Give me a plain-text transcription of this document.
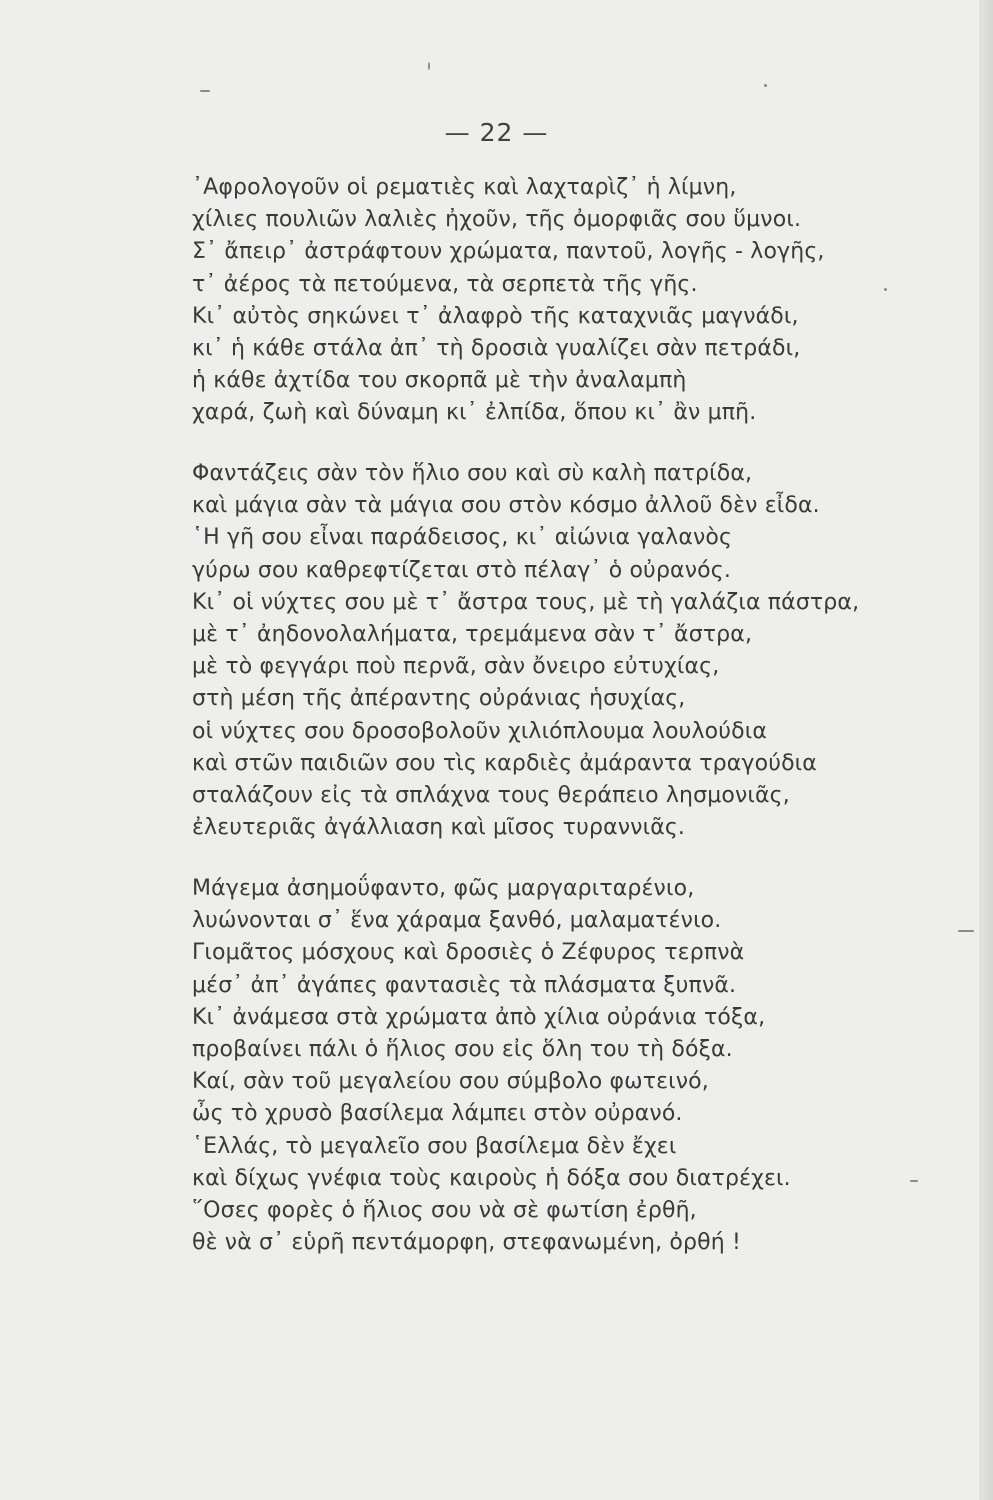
— 22 —
᾿Αφρολογοῦν οἱ ρεματιὲς καὶ λαχταρὶζ᾿ ἡ λίμνη,
χίλιες πουλιῶν λαλιὲς ἠχοῦν, τῆς ὀμορφιᾶς σου ὕμνοι.
Σ᾿ ἄπειρ᾿ ἀστράφτουν χρώματα, παντοῦ, λογῆς - λογῆς,
τ᾿ ἀέρος τὰ πετούμενα, τὰ σερπετὰ τῆς γῆς.
Κι᾿ αὐτὸς σηκώνει τ᾿ ἀλαφρὸ τῆς καταχνιᾶς μαγνάδι,
κι᾿ ἡ κάθε στάλα ἀπ᾿ τὴ δροσιὰ γυαλίζει σὰν πετράδι,
ἡ κάθε ἀχτίδα του σκορπᾶ μὲ τὴν ἀναλαμπὴ
χαρά, ζωὴ καὶ δύναμη κι᾿ ἐλπίδα, ὅπου κι᾿ ἂν μπῆ.
Φαντάζεις σὰν τὸν ἥλιο σου καὶ σὺ καλὴ πατρίδα,
καὶ μάγια σὰν τὰ μάγια σου στὸν κόσμο ἀλλοῦ δὲν εἶδα.
῾Η γῆ σου εἶναι παράδεισος, κι᾿ αἰώνια γαλανὸς
γύρω σου καθρεφτίζεται στὸ πέλαγ᾿ ὁ οὐρανός.
Κι᾿ οἱ νύχτες σου μὲ τ᾿ ἄστρα τους, μὲ τὴ γαλάζια πάστρα,
μὲ τ᾿ ἀηδονολαλήματα, τρεμάμενα σὰν τ᾿ ἄστρα,
μὲ τὸ φεγγάρι ποὺ περνᾶ, σὰν ὄνειρο εὐτυχίας,
στὴ μέση τῆς ἀπέραντης οὐράνιας ἡσυχίας,
οἱ νύχτες σου δροσοβολοῦν χιλιόπλουμα λουλούδια
καὶ στῶν παιδιῶν σου τὶς καρδιὲς ἀμάραντα τραγούδια
σταλάζουν εἰς τὰ σπλάχνα τους θεράπειο λησμονιᾶς,
ἐλευτεριᾶς ἀγάλλιαση καὶ μῖσος τυραννιᾶς.
Μάγεμα ἀσημοΰφαντο, φῶς μαργαριταρένιο,
λυώνονται σ᾿ ἕνα χάραμα ξανθό, μαλαματένιο.
Γιομᾶτος μόσχους καὶ δροσιὲς ὁ Ζέφυρος τερπνὰ
μέσ᾿ ἀπ᾿ ἀγάπες φαντασιὲς τὰ πλάσματα ξυπνᾶ.
Κι᾿ ἀνάμεσα στὰ χρώματα ἀπὸ χίλια οὐράνια τόξα,
προβαίνει πάλι ὁ ἥλιος σου εἰς ὅλη του τὴ δόξα.
Καί, σὰν τοῦ μεγαλείου σου σύμβολο φωτεινό,
ὦς τὸ χρυσὸ βασίλεμα λάμπει στὸν οὐρανό.
῾Ελλάς, τὸ μεγαλεῖο σου βασίλεμα δὲν ἔχει
καὶ δίχως γνέφια τοὺς καιροὺς ἡ δόξα σου διατρέχει.
῞Οσες φορὲς ὁ ἥλιος σου νὰ σὲ φωτίση ἐρθῆ,
θὲ νὰ σ᾿ εὑρῆ πεντάμορφη, στεφανωμένη, ὀρθή !
